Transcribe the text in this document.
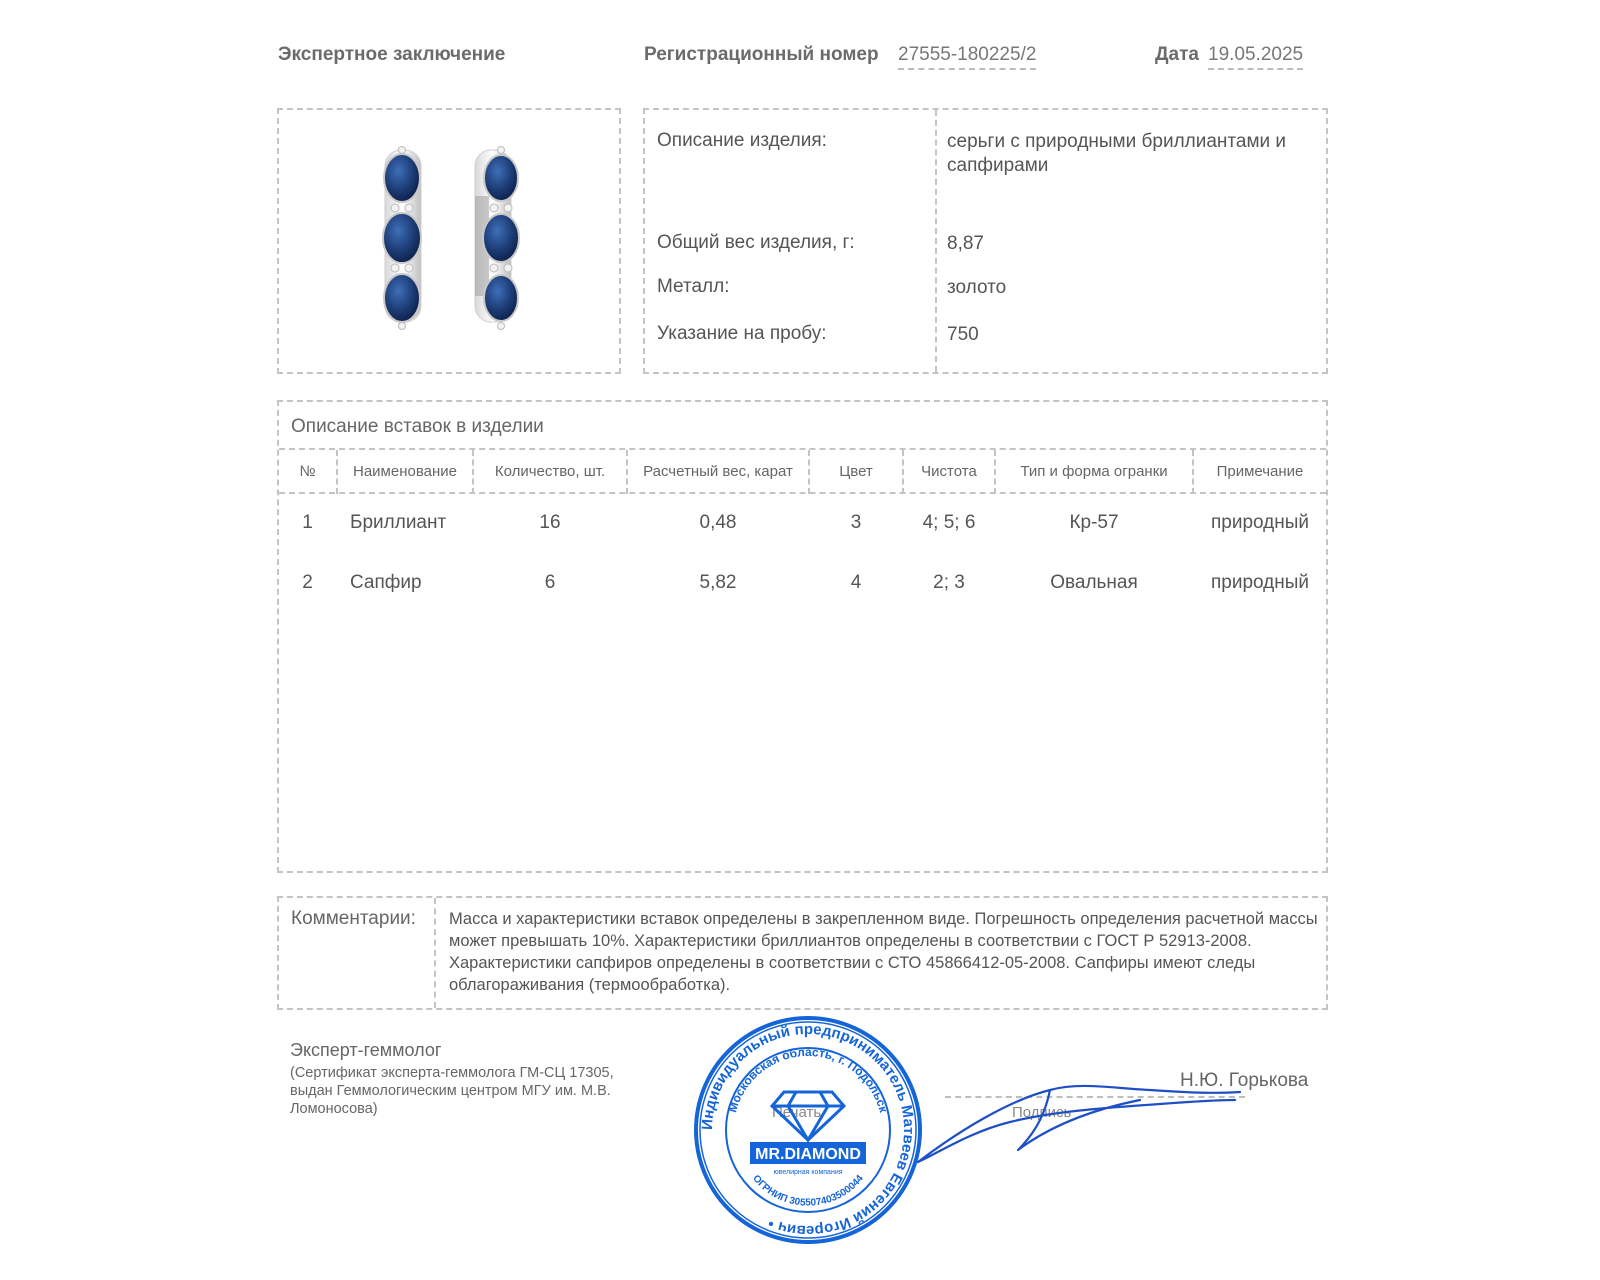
Экспертное заключение	Регистрационный номер 27555-180225/2	Дата 19.05.2025
Описание изделия:	серьги с природными бриллиантами и сапфирами
Общий вес изделия, г:	8,87
Металл:	золото
Указание на пробу:	750
Описание вставок в изделии
№	Наименование	Количество, шт.	Расчетный вес, карат	Цвет	Чистота	Тип и форма огранки	Примечание
1	Бриллиант	16	0,48	3	4; 5; 6	Кр-57	природный
2	Сапфир	6	5,82	4	2; 3	Овальная	природный
Комментарии: Масса и характеристики вставок определены в закрепленном виде. Погрешность определения расчетной массы может превышать 10%. Характеристики бриллиантов определены в соответствии с ГОСТ Р 52913-2008. Характеристики сапфиров определены в соответствии с СТО 45866412-05-2008. Сапфиры имеют следы облагораживания (термообработка).
Эксперт-геммолог
(Сертификат эксперта-геммолога ГМ-СЦ 17305, выдан Геммологическим центром МГУ им. М.В. Ломоносова)	Печать	Подпись
Н.Ю. Горькова
Индивидуальный предприниматель Матвеев Евгений Игоревич •
Московская область, г. Подольск
ОГРНИП 305507403500044
MR.DIAMOND
ювелирная компания
